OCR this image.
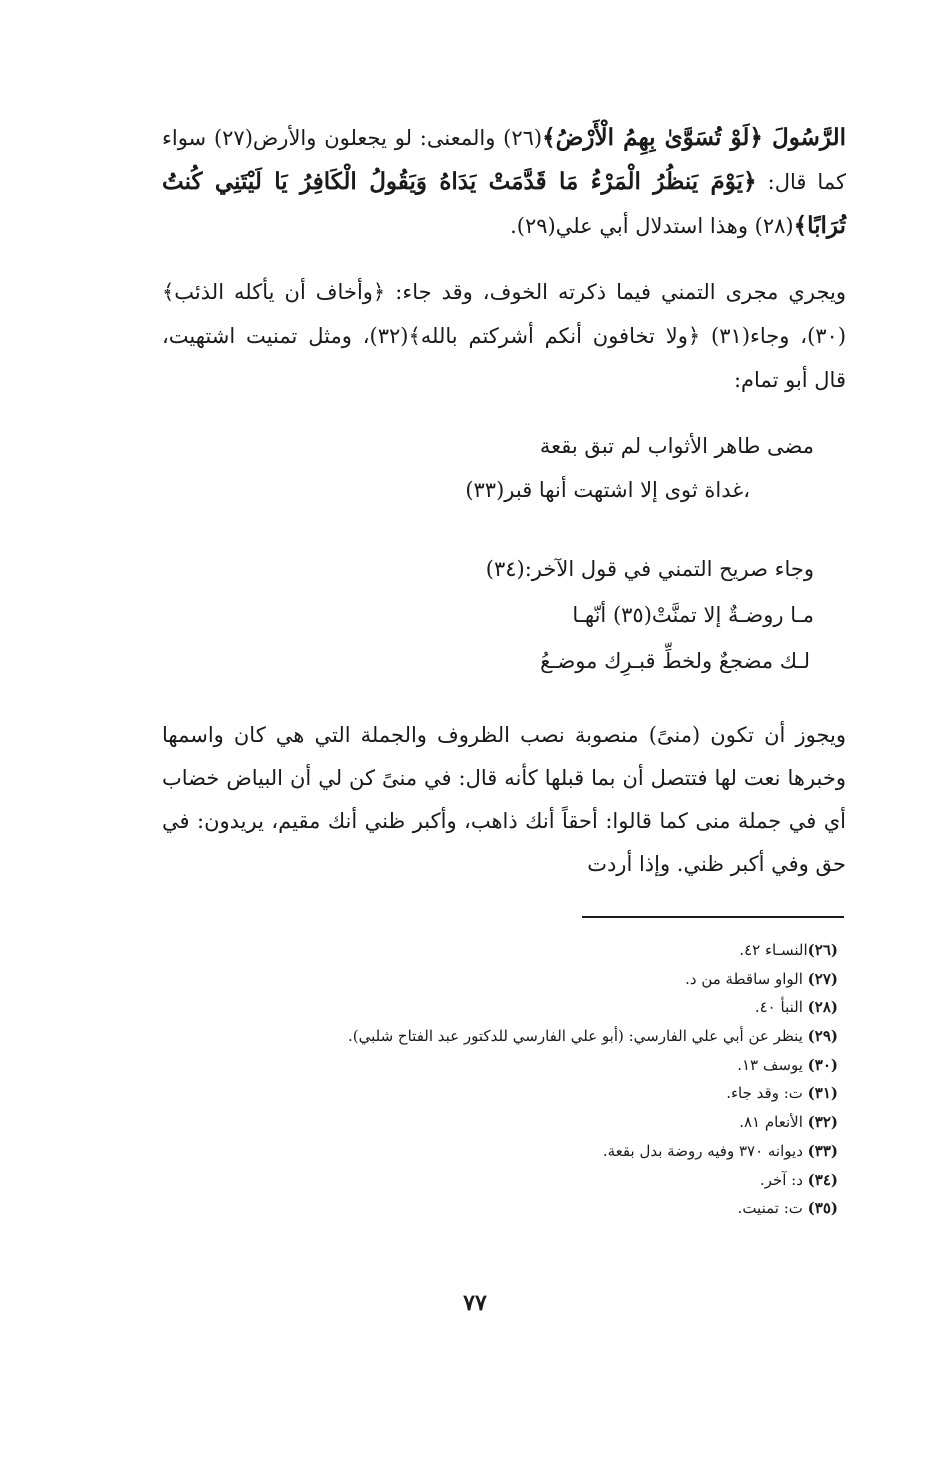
الرَّسُولَ ﴿لَوْ تُسَوَّىٰ بِهِمُ الْأَرْضُ﴾(٢٦) والمعنى: لو يجعلون والأرض(٢٧) سواء كما قال: ﴿يَوْمَ يَنظُرُ الْمَرْءُ مَا قَدَّمَتْ يَدَاهُ وَيَقُولُ الْكَافِرُ يَا لَيْتَنِي كُنتُ تُرَابًا﴾(٢٨) وهذا استدلال أبي علي(٢٩).

ويجري مجرى التمني فيما ذكرته الخوف، وقد جاء: ﴿وأخاف أن يأكله الذئب﴾(٣٠)، وجاء(٣١) ﴿ولا تخافون أنكم أشركتم بالله﴾(٣٢)، ومثل تمنيت اشتهيت، قال أبو تمام:

مضى طاهر الأثواب لم تبق بقعة
،غداة ثوى إلا اشتهت أنها قبر(٣٣)
وجاء صريح التمني في قول الآخر:(٣٤)
مـا روضـةٌ إلا تمنَّتْ(٣٥) أنّهـا
لـك مضجعٌ ولخطِّ قبـرِك موضـعُ

ويجوز أن تكون (منىً) منصوبة نصب الظروف والجملة التي هي كان واسمها وخبرها نعت لها فتتصل أن بما قبلها كأنه قال: في منىً كن لي أن البياض خضاب أي في جملة منى كما قالوا: أحقاً أنك ذاهب، وأكبر ظني أنك مقيم، يريدون: في حق وفي أكبر ظني. وإذا أردت

(٢٦)النسـاء ٤٢.
(٢٧) الواو ساقطة من د.
(٢٨) النبأ ٤٠.
(٢٩) ينظر عن أبي علي الفارسي: (أبو علي الفارسي للدكتور عبد الفتاح شلبي).
(٣٠) يوسف ١٣.
(٣١) ت: وقد جاء.
(٣٢) الأنعام ٨١.
(٣٣) ديوانه ٣٧٠ وفيه روضة بدل بقعة.
(٣٤) د: آخر.
(٣٥) ت: تمنيت.
٧٧
